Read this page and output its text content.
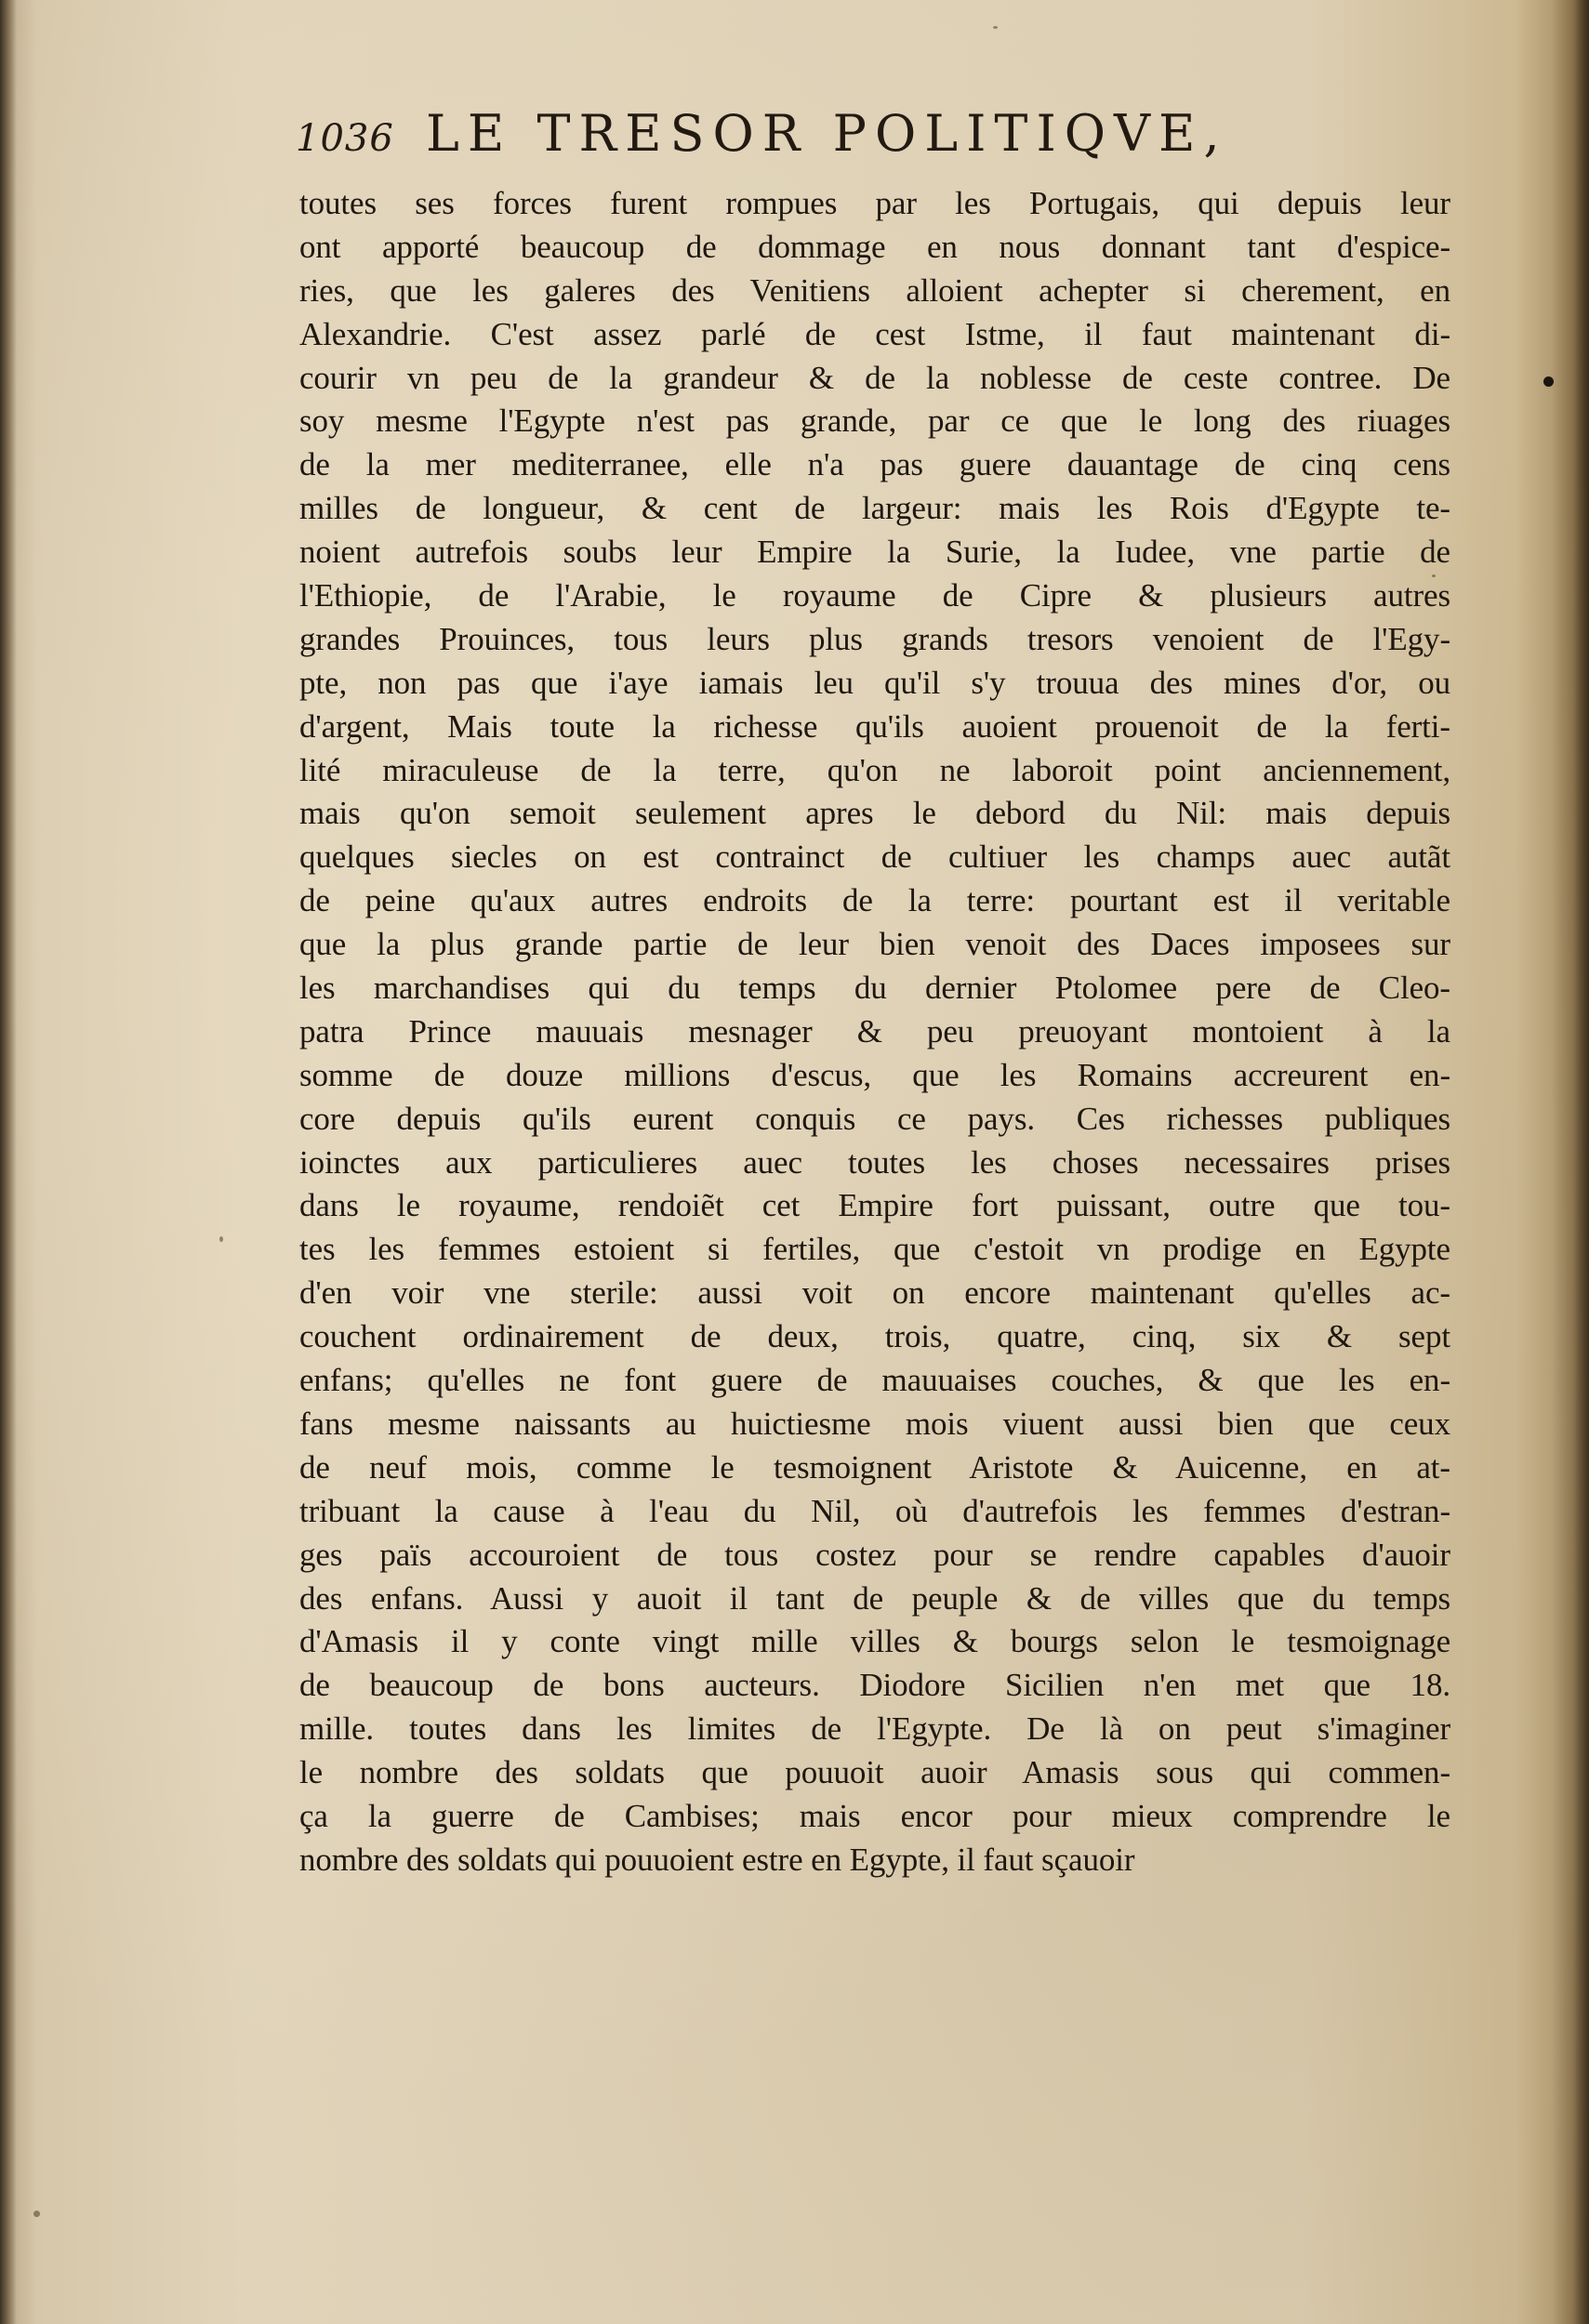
1036 LE TRESOR POLITIQVE,
toutes ses forces furent rompues par les Portugais, qui depuis leur
ont apporté beaucoup de dommage en nous donnant tant d'espice-
ries, que les galeres des Venitiens alloient achepter si cherement, en
Alexandrie. C'est assez parlé de cest Istme, il faut maintenant di-
courir vn peu de la grandeur & de la noblesse de ceste contree. De
soy mesme l'Egypte n'est pas grande, par ce que le long des riuages
de la mer mediterranee, elle n'a pas guere dauantage de cinq cens
milles de longueur, & cent de largeur: mais les Rois d'Egypte te-
noient autrefois soubs leur Empire la Surie, la Iudee, vne partie de
l'Ethiopie, de l'Arabie, le royaume de Cipre & plusieurs autres
grandes Prouinces, tous leurs plus grands tresors venoient de l'Egy-
pte, non pas que i'aye iamais leu qu'il s'y trouua des mines d'or, ou
d'argent, Mais toute la richesse qu'ils auoient prouenoit de la ferti-
lité miraculeuse de la terre, qu'on ne laboroit point anciennement,
mais qu'on semoit seulement apres le debord du Nil: mais depuis
quelques siecles on est contrainct de cultiuer les champs auec autãt
de peine qu'aux autres endroits de la terre: pourtant est il veritable
que la plus grande partie de leur bien venoit des Daces imposees sur
les marchandises qui du temps du dernier Ptolomee pere de Cleo-
patra Prince mauuais mesnager & peu preuoyant montoient à la
somme de douze millions d'escus, que les Romains accreurent en-
core depuis qu'ils eurent conquis ce pays. Ces richesses publiques
ioinctes aux particulieres auec toutes les choses necessaires prises
dans le royaume, rendoiẽt cet Empire fort puissant, outre que tou-
tes les femmes estoient si fertiles, que c'estoit vn prodige en Egypte
d'en voir vne sterile: aussi voit on encore maintenant qu'elles ac-
couchent ordinairement de deux, trois, quatre, cinq, six & sept
enfans; qu'elles ne font guere de mauuaises couches, & que les en-
fans mesme naissants au huictiesme mois viuent aussi bien que ceux
de neuf mois, comme le tesmoignent Aristote & Auicenne, en at-
tribuant la cause à l'eau du Nil, où d'autrefois les femmes d'estran-
ges païs accouroient de tous costez pour se rendre capables d'auoir
des enfans. Aussi y auoit il tant de peuple & de villes que du temps
d'Amasis il y conte vingt mille villes & bourgs selon le tesmoignage
de beaucoup de bons aucteurs. Diodore Sicilien n'en met que 18.
mille. toutes dans les limites de l'Egypte. De là on peut s'imaginer
le nombre des soldats que pouuoit auoir Amasis sous qui commen-
ça la guerre de Cambises; mais encor pour mieux comprendre le
nombre des soldats qui pouuoient estre en Egypte, il faut sçauoir
